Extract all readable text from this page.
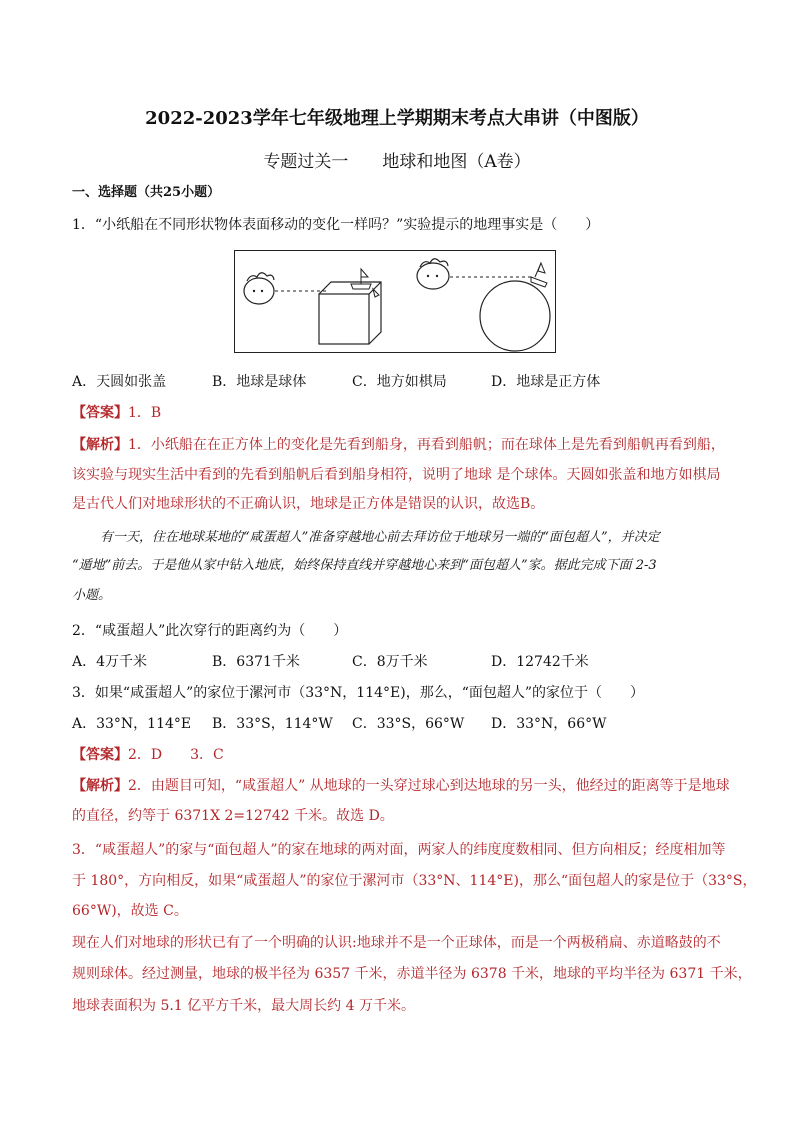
2022-2023学年七年级地理上学期期末考点大串讲（中图版）
专题过关一　　地球和地图（A卷）
一、选择题（共25小题）
1．“小纸船在不同形状物体表面移动的变化一样吗？”实验提示的地理事实是（　　）
A．天圆如张盖	B．地球是球体	C．地方如棋局	D．地球是正方体
【答案】1．B
【解析】1．小纸船在在正方体上的变化是先看到船身，再看到船帆；而在球体上是先看到船帆再看到船，
该实验与现实生活中看到的先看到船帆后看到船身相符，说明了地球 是个球体。天圆如张盖和地方如棋局
是古代人们对地球形状的不正确认识，地球是正方体是错误的认识，故选B。
有一天，住在地球某地的“咸蛋超人”准备穿越地心前去拜访位于地球另一端的“面包超人”，并决定
“遁地”前去。于是他从家中钻入地底，始终保持直线并穿越地心来到“面包超人”家。据此完成下面 2-3
小题。
2．“咸蛋超人”此次穿行的距离约为（　　）
A．4万千米	B．6371千米	C．8万千米	D．12742千米
3．如果“咸蛋超人”的家位于漯河市（33°N，114°E)，那么，“面包超人”的家位于（　　）
A．33°N，114°E B．33°S，114°W C．33°S，66°W D．33°N，66°W
【答案】2．D　　3．C
【解析】2．由题目可知，“咸蛋超人” 从地球的一头穿过球心到达地球的另一头，他经过的距离等于是地球
的直径，约等于 6371X 2=12742 千米。故选 D。
3．“咸蛋超人”的家与“面包超人”的家在地球的两对面，两家人的纬度度数相同、但方向相反；经度相加等
于 180°，方向相反，如果“咸蛋超人”的家位于漯河市（33°N、114°E)，那么“面包超人的家是位于（33°S，
66°W)，故选 C。
现在人们对地球的形状已有了一个明确的认识:地球并不是一个正球体，而是一个两极稍扁、赤道略鼓的不
规则球体。经过测量，地球的极半径为 6357 千米，赤道半径为 6378 千米，地球的平均半径为 6371 千米，
地球表面积为 5.1 亿平方千米，最大周长约 4 万千米。
